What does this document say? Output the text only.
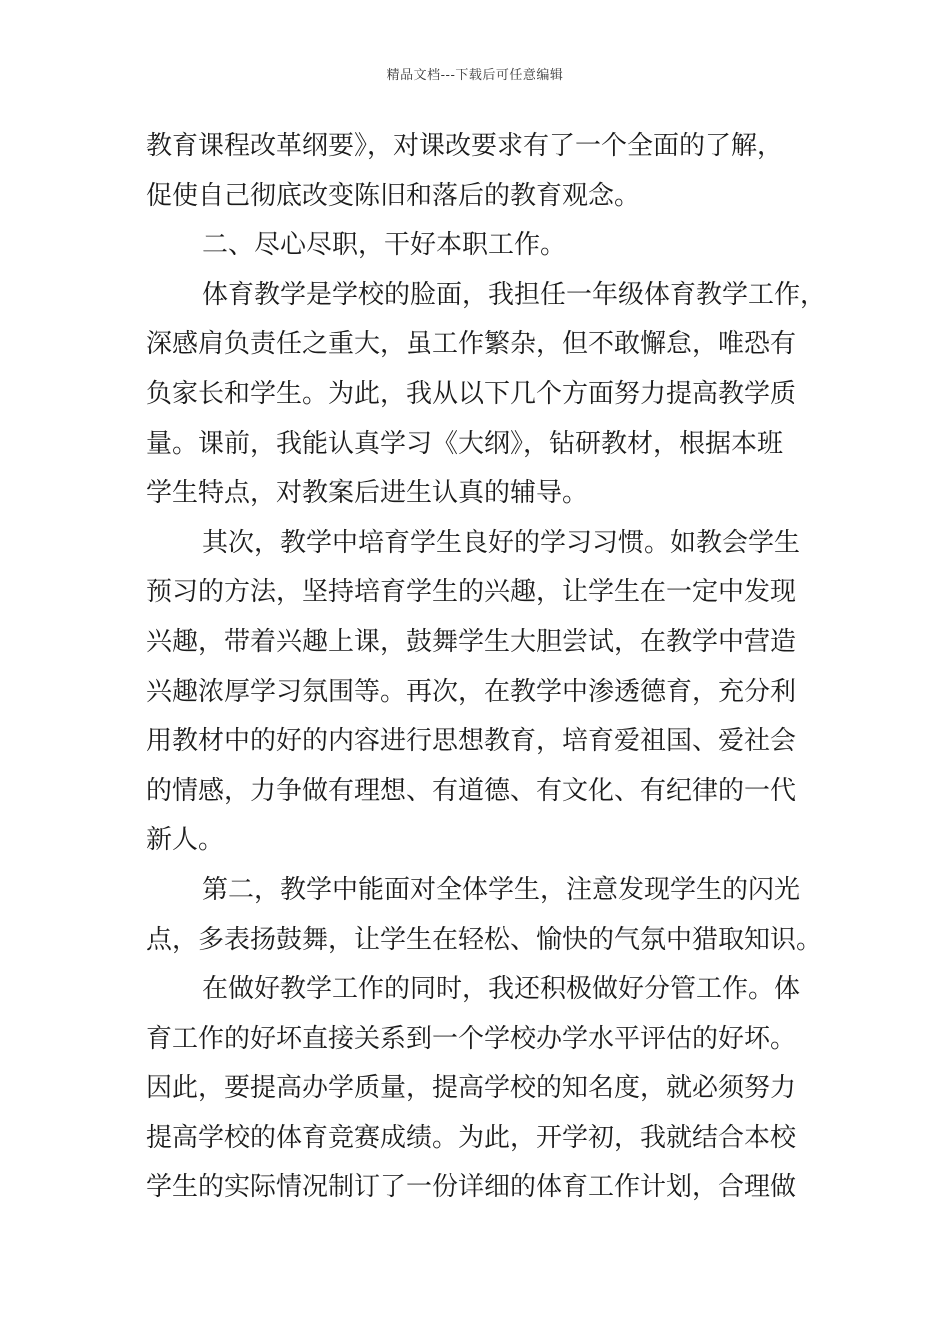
精品文档---下载后可任意编辑
教育课程改革纲要》，对课改要求有了一个全面的了解，
促使自己彻底改变陈旧和落后的教育观念。
二、尽心尽职，干好本职工作。
体育教学是学校的脸面，我担任一年级体育教学工作，
深感肩负责任之重大，虽工作繁杂，但不敢懈怠，唯恐有
负家长和学生。为此，我从以下几个方面努力提高教学质
量。课前，我能认真学习《大纲》，钻研教材，根据本班
学生特点，对教案后进生认真的辅导。
其次，教学中培育学生良好的学习习惯。如教会学生
预习的方法，坚持培育学生的兴趣，让学生在一定中发现
兴趣，带着兴趣上课，鼓舞学生大胆尝试，在教学中营造
兴趣浓厚学习氛围等。再次，在教学中渗透德育，充分利
用教材中的好的内容进行思想教育，培育爱祖国、爱社会
的情感，力争做有理想、有道德、有文化、有纪律的一代
新人。
第二，教学中能面对全体学生，注意发现学生的闪光
点，多表扬鼓舞，让学生在轻松、愉快的气氛中猎取知识。
在做好教学工作的同时，我还积极做好分管工作。体
育工作的好坏直接关系到一个学校办学水平评估的好坏。
因此，要提高办学质量，提高学校的知名度，就必须努力
提高学校的体育竞赛成绩。为此，开学初，我就结合本校
学生的实际情况制订了一份详细的体育工作计划，合理做
